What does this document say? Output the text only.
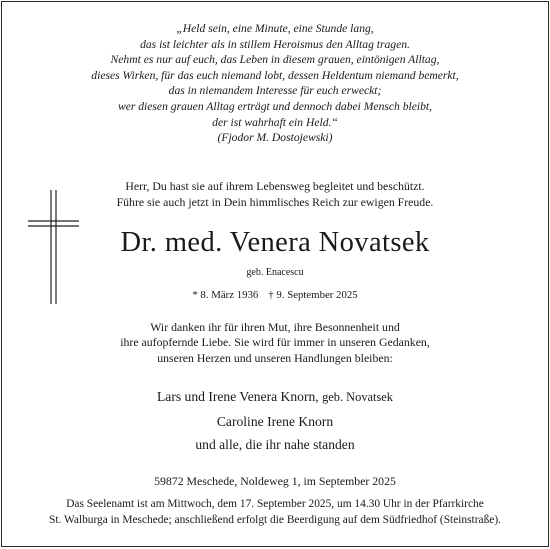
„Held sein, eine Minute, eine Stunde lang,
das ist leichter als in stillem Heroismus den Alltag tragen.
Nehmt es nur auf euch, das Leben in diesem grauen, eintönigen Alltag,
dieses Wirken, für das euch niemand lobt, dessen Heldentum niemand bemerkt,
das in niemandem Interesse für euch erweckt;
wer diesen grauen Alltag erträgt und dennoch dabei Mensch bleibt,
der ist wahrhaft ein Held.“
(Fjodor M. Dostojewski)
Herr, Du hast sie auf ihrem Lebensweg begleitet und beschützt.
Führe sie auch jetzt in Dein himmlisches Reich zur ewigen Freude.
Dr. med. Venera Novatsek
geb. Enacescu
* 8. März 1936 † 9. September 2025
Wir danken ihr für ihren Mut, ihre Besonnenheit und
ihre aufopfernde Liebe. Sie wird für immer in unseren Gedanken,
unseren Herzen und unseren Handlungen bleiben:
Lars und Irene Venera Knorn, geb. Novatsek
Caroline Irene Knorn
und alle, die ihr nahe standen
59872 Meschede, Noldeweg 1, im September 2025
Das Seelenamt ist am Mittwoch, dem 17. September 2025, um 14.30 Uhr in der Pfarrkirche
St. Walburga in Meschede; anschließend erfolgt die Beerdigung auf dem Südfriedhof (Steinstraße).
